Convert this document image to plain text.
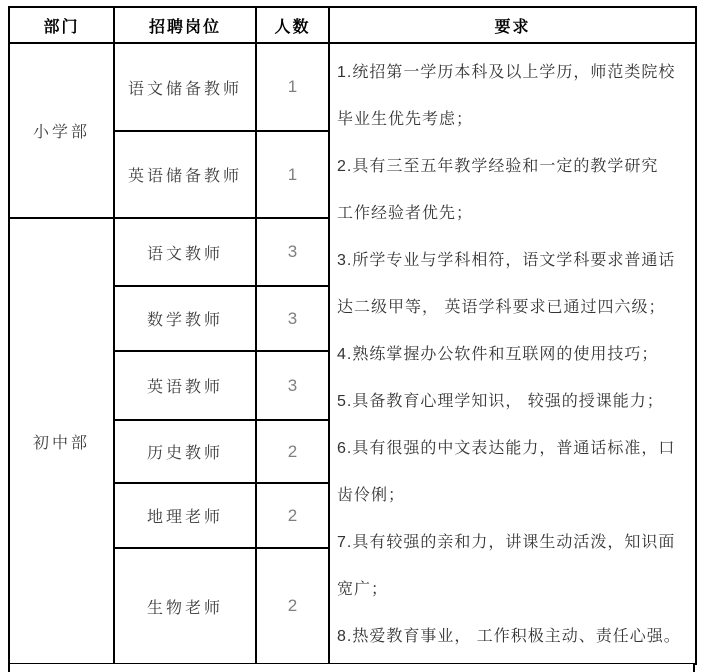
部门	招聘岗位	人数	要求
小学部	语文储备教师	1	
1.统招第一学历本科及以上学历，师范类院校
毕业生优先考虑；
2.具有三至五年教学经验和一定的教学研究
工作经验者优先；
3.所学专业与学科相符，语文学科要求普通话
达二级甲等， 英语学科要求已通过四六级；
4.熟练掌握办公软件和互联网的使用技巧；
5.具备教育心理学知识， 较强的授课能力；
6.具有很强的中文表达能力，普通话标准，口
齿伶俐；
7.具有较强的亲和力，讲课生动活泼，知识面
宽广；
8.热爱教育事业， 工作积极主动、责任心强。

	英语储备教师	1	
初中部	语文教师	3	
	数学教师	3	
	英语教师	3	
	历史教师	2	
	地理老师	2	
	生物老师	2	
